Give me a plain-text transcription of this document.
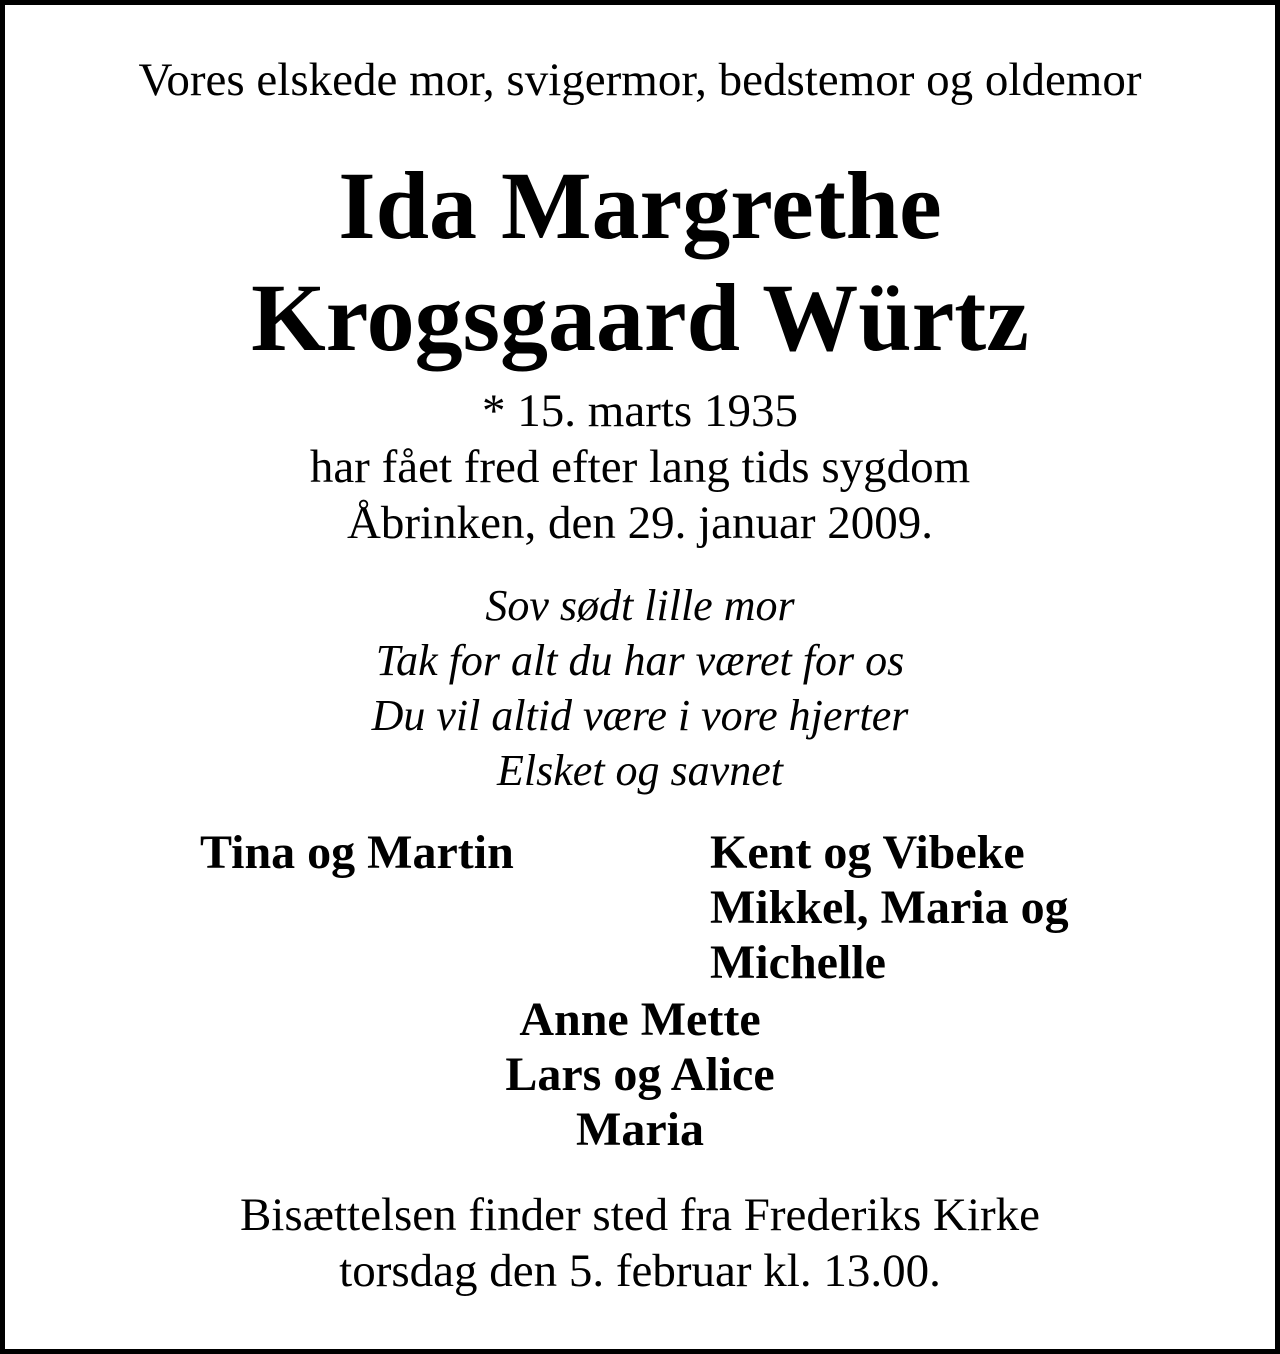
Vores elskede mor, svigermor, bedstemor og oldemor
Ida Margrethe
Krogsgaard Würtz
* 15. marts 1935
har fået fred efter lang tids sygdom
Åbrinken, den 29. januar 2009.
Sov sødt lille mor
Tak for alt du har været for os
Du vil altid være i vore hjerter
Elsket og savnet
Tina og Martin	Kent og Vibeke
Mikkel, Maria og
Michelle
Anne Mette
Lars og Alice
Maria
Bisættelsen finder sted fra Frederiks Kirke
torsdag den 5. februar kl. 13.00.
